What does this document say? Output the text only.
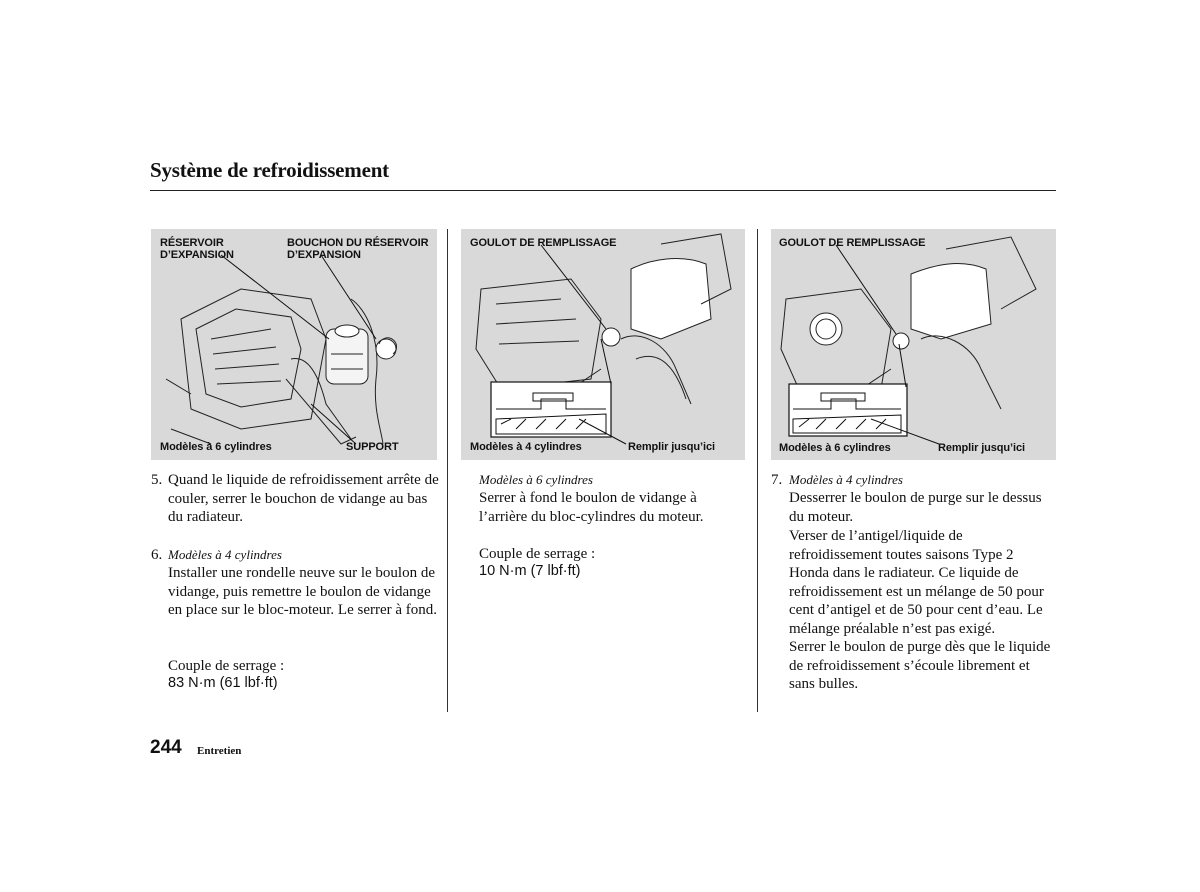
Système de refroidissement
RÉSERVOIR
D’EXPANSION
BOUCHON DU RÉSERVOIR
D’EXPANSION
Modèles à 6 cylindres	SUPPORT
GOULOT DE REMPLISSAGE
Modèles à 4 cylindres	Remplir jusqu’ici
GOULOT DE REMPLISSAGE
Modèles à 6 cylindres	Remplir jusqu’ici
5. Quand le liquide de refroidissement arrête de couler, serrer le bouchon de vidange au bas du radiateur.
6. Modèles à 4 cylindres
Installer une rondelle neuve sur le boulon de vidange, puis remettre le boulon de vidange en place sur le bloc-moteur. Le serrer à fond.
Couple de serrage :
83 N·m (61 lbf·ft)
Modèles à 6 cylindres
Serrer à fond le boulon de vidange à l’arrière du bloc-cylindres du moteur.
Couple de serrage :
10 N·m (7 lbf·ft)
7. Modèles à 4 cylindres
Desserrer le boulon de purge sur le dessus du moteur.
Verser de l’antigel/liquide de refroidissement toutes saisons Type 2 Honda dans le radiateur. Ce liquide de refroidissement est un mélange de 50 pour cent d’antigel et de 50 pour cent d’eau. Le mélange préalable n’est pas exigé.
Serrer le boulon de purge dès que le liquide de refroidissement s’écoule librement et sans bulles.
244 Entretien
